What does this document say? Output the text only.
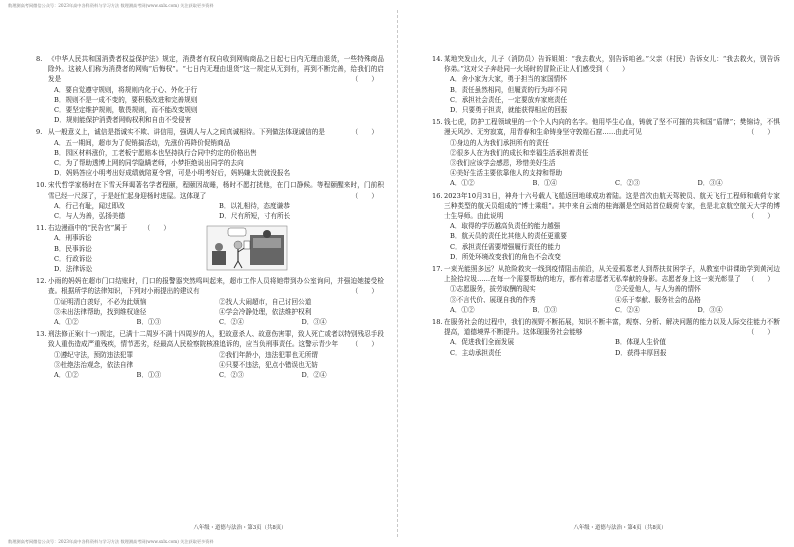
数理测高考网微信公众号：2023年高中各科资料与学习方法 数理测高考网(www.sxlx.com) 关注获取更多资料
数理测高考网微信公众号：2023年高中各科资料与学习方法 数理测高考网(www.sxlx.com) 关注获取更多资料
8. 《中华人民共和国消费者权益保护法》规定，消费者有权自收到网购商品之日起七日内无理由退货，一些特殊商品除外。这被人们称为消费者的网购“后悔权”。“七日内无理由退货”这一规定从无到有，再到不断完善，给我们的启发是	（　　）
A．要自觉遵守规则，将规则内化于心、外化于行
B．规则不是一成不变的，要积极改进和完善规则
C．要坚定维护规则，敬畏规则，而不能改变规则
D．规则能保护消费者网购权利和自由不受侵害
9. 从一般意义上，诚信是指诚实不欺、讲信用，强调人与人之间真诚相待。下列做法体现诚信的是	（　　）
A．五一期间，超市为了促销搞活动，先涨价再降价促销商品
B．园区材料涨价，工老板宁愿赔本也坚持执行合同中约定的价格出售
C．为了帮助透博上网的同学隐瞒老师，小梦拒绝说出同学的去向
D．妈妈答应小明考出好成绩就陪夏令营，可是小明考好后，妈妈嫌太贵就没报名
10. 宋代哲学家杨时在下雪天拜谒著名学者程颐，程颐因故睡，杨时不愿打扰他，在门口静候。等程颐醒来时，门前积雪已经一尺深了，于是赶忙起身迎杨时进屋。这体现了	（　　）
A．行己有耻，闻过即改	B．以礼相待，态度谦恭
C．与人为善，弘扬美德	D．尺有所短，寸有所长
11. 右边漫画中的“民告官”属于 （　　）
A．刑事诉讼
B．民事诉讼
C．行政诉讼
D．法律诉讼
12. 小雨的妈妈在超市门口结账时，门口的报警器突然鸣叫起来，超市工作人员将她带到办公室询问，并强迫她接受检查。根据所学的法律知识，下列对小雨提出的建议有	（　　）
①证明清白羡好，不必为此烦恼	②找人大闹超市，自己讨回公道
③未出法律帮助，找到维权途径	④学会冷静处理，依法维护权利
A．①②	B．①③	C．②④	D．③④
13. 刑法修正案(十一)规定，已满十二周岁不满十四周岁的人，犯故意杀人、故意伤害罪，致人死亡或者以特别残忍手段致人重伤造成严重残疾，情节恶劣，经最高人民检察院核准追诉的，应当负刑事责任。这警示青少年 （　　）
①遵纪守法，预防违法犯罪	②我们年龄小，违法犯罪也无所谓
③杜绝法治观念，依法自律	④只要不违法，犯点小错误也无妨
A．①②	B．①③	C．②③	D．②④
14. 某地突发山火，儿子（消防员）告诉姐姐：“我去救火，别告诉咱爸。”父亲（村民）告诉女儿：“我去救火，别告诉你弟。”这对父子奔赴同一火场时的冒险正让人们感受到（　　）
A．舍小家为大家，勇于担当的家国情怀
B．责任虽然相同，但履责的行为却不同
C．承担社会责任，一定要放弃家庭责任
D．只要勇于担责，就能获得相应的回报
15. 钱七虎，防护工程领域里的一个个人内向的名字。他用毕生心血，铸就了坚不可摧的共和国“盾牌”；樊锦诗，不惧漫天风沙、无穷寂寞，用青春和生命铸身坚守敦煌石窟……由此可见	（　　）
①身边的人为我们承担所有的责任
②很多人在为我们的成长和幸福生活承担着责任
③我们应该学会感恩，珍惜美好生活
④美好生活主要依靠他人的支持和帮助
A．①②	B．①④	C．②③	D．③④
16. 2023年10月31日，神舟十六号载人飞船返回地球成功着陆。这是首次由航天驾驶员、航天飞行工程师和载荷专家三种类型的航天员组成的“博士乘组”。其中来自云南的桂海潮是空间站首位载荷专家，也是北京航空航天大学的博士生导师。由此说明	（　　）
A．取得的学历越高负责任的能力越强
B．航天员的责任比其他人的责任更重要
C．承担责任需要增强履行责任的能力
D．所处环境改变我们的角色不会改变
17. 一束光能照多远？从抢险救灾一线到疫情阻击前沿，从关爱孤寡老人到帮扶贫困学子，从教室中讲课助学到黄河边上捡拾垃圾……在每一个需要帮助的地方，都有着志愿者无私奉献的身影。志愿者身上这一束光彰显了 （　　）
①志愿服务，拔劳取酬的现实	②关爱他人，与人为善的情怀
③不言代价、展现自我的作秀	④乐于奉献、服务社会的品格
A．①②	B．①③	C．②④	D．③④
18. 在服务社会的过程中，我们的视野不断拓展，知识不断丰富，观察、分析、解决问题的能力以及人际交往能力不断提高，道德境界不断提升。这体现服务社会能够	（　　）
A．促进我们全面发展	B．体现人生价值
C．主动承担责任	D．获得丰厚回报
八年级・道德与法治・第3页（共8页）	八年级・道德与法治・第4页（共8页）
